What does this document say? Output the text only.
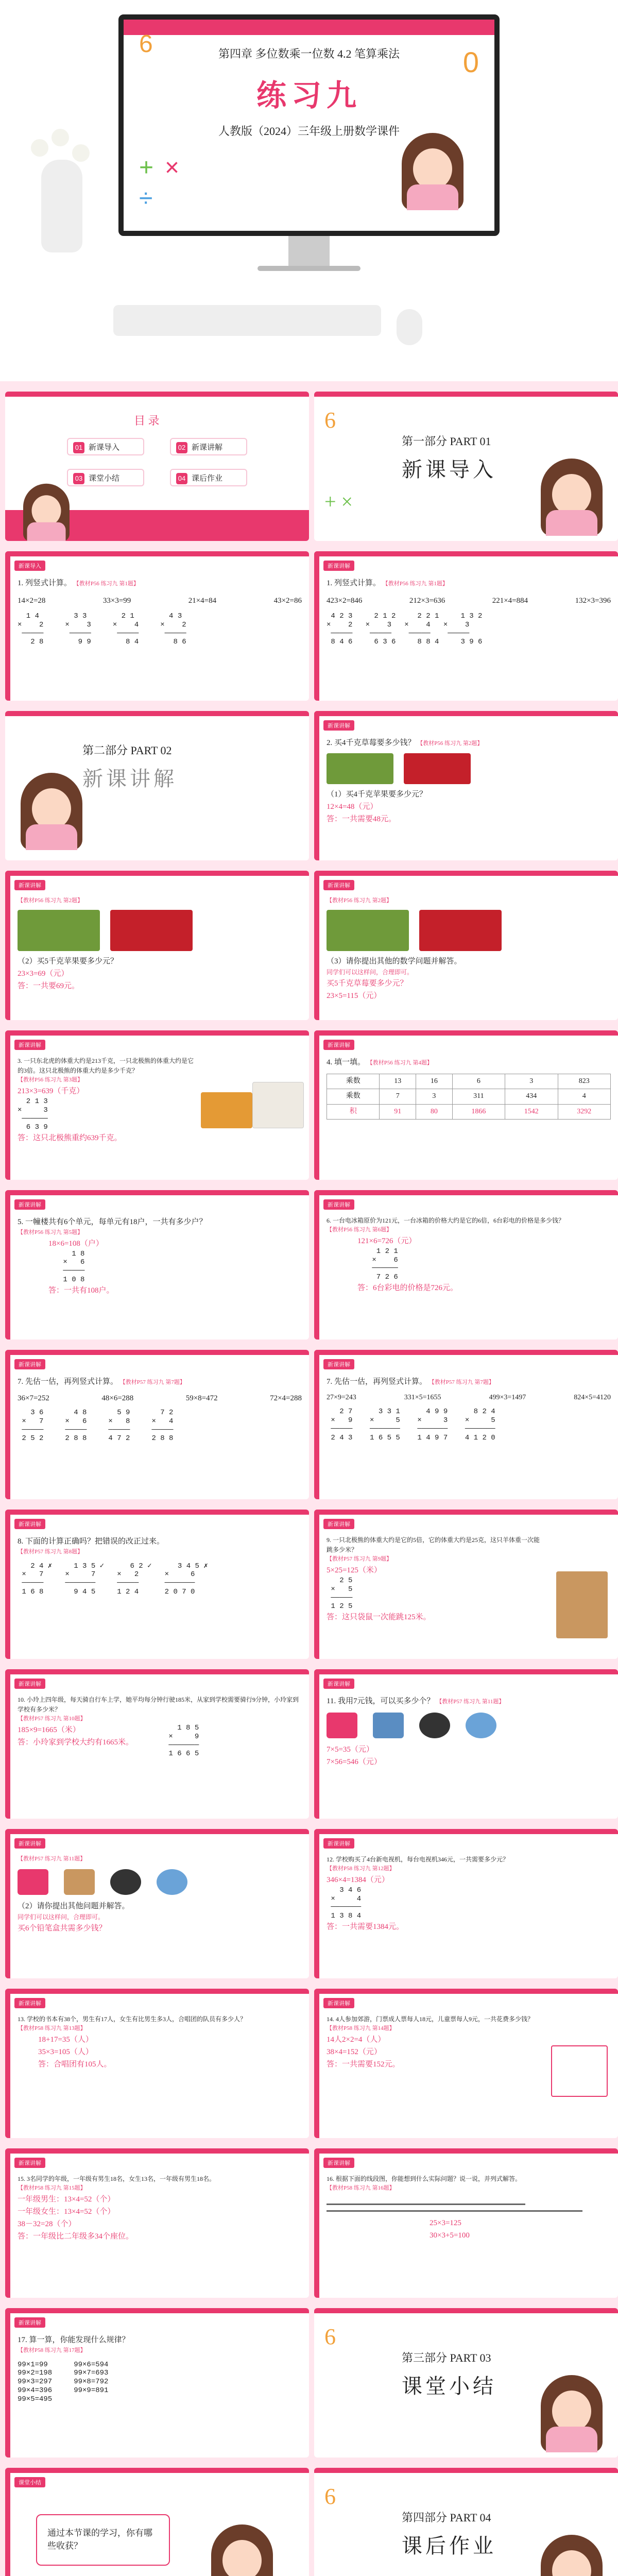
6
0
第四章 多位数乘一位数 4.2 笔算乘法
练习九
人教版（2024）三年级上册数学课件
+ ×
÷
目 录
01 新课导入	02 新课讲解
03 课堂小结	04 课后作业
6
第一部分 PART 01
新课导入
+ ×
新课导入
1. 列竖式计算。 【教材P56 练习九 第1题】
14×2=28	33×3=99	21×4=84	43×2=86
1 4        3 3        2 1        4 3
×    2     ×    3     ×    4     ×    2
─────      ─────      ─────      ─────
2 8        9 9        8 4        8 6
新课讲解
1. 列竖式计算。 【教材P56 练习九 第1题】
423×2=846	212×3=636	221×4=884	132×3=396
4 2 3     2 1 2     2 2 1     1 3 2
×    2   ×    3   ×    4   ×    3
─────    ─────    ─────    ─────
8 4 6     6 3 6     8 8 4     3 9 6
第二部分 PART 02
新课讲解
新课讲解
2. 买4千克草莓要多少钱？ 【教材P56 练习九 第2题】
（1）买4千克苹果要多少元？
12×4=48（元）
答：一共需要48元。
新课讲解
【教材P56 练习九 第2题】
（2）买5千克苹果要多少元？
23×3=69（元）
答：一共要69元。
新课讲解
【教材P56 练习九 第2题】
（3）请你提出其他的数学问题并解答。
同学们可以这样问，合理即可。
买5千克草莓要多少元？
23×5=115（元）
新课讲解
3. 一只东北虎的体重大约是213千克，一只北极熊的体重大约是它的3倍。这只北极熊的体重大约是多少千克？
【教材P56 练习九 第3题】
213×3=639（千克）
2 1 3
×     3
──────
6 3 9
答：这只北极熊重约639千克。
新课讲解
4. 填一填。 【教材P56 练习九 第4题】
乘数	13	16	6	3	823
乘数	7	3	311	434	4
积	91	80	1866	1542	3292
新课讲解
5. 一幢楼共有6个单元，每单元有18户，一共有多少户？
【教材P56 练习九 第5题】
18×6=108（户）
1 8
×   6
─────
1 0 8
答：一共有108户。
新课讲解
6. 一台电冰箱原价为121元，一台冰箱的价格大约是它的6倍，6台彩电的价格是多少钱？
【教材P56 练习九 第6题】
121×6=726（元）
1 2 1
×    6
──────
7 2 6
答：6台彩电的价格是726元。
新课讲解
7. 先估一估，再列竖式计算。 【教材P57 练习九 第7题】
36×7=252	48×6=288	59×8=472	72×4=288
3 6       4 8       5 9       7 2
×   7     ×   6     ×   8     ×   4
─────     ─────     ─────     ─────
2 5 2     2 8 8     4 7 2     2 8 8
新课讲解
7. 先估一估，再列竖式计算。 【教材P57 练习九 第7题】
27×9=243	331×5=1655	499×3=1497	824×5=4120
2 7      3 3 1      4 9 9      8 2 4
×   9    ×     5    ×     3    ×     5
─────    ───────    ───────    ───────
2 4 3    1 6 5 5    1 4 9 7    4 1 2 0
新课讲解
8. 下面的计算正确吗？把错误的改正过来。
【教材P57 练习九 第8题】
2 4 ✗     1 3 5 ✓      6 2 ✓      3 4 5 ✗
×   7     ×     7     ×   2      ×     6
─────     ───────     ─────      ───────
1 6 8       9 4 5     1 2 4      2 0 7 0
新课讲解
9. 一只北极熊的体重大约是它的5倍，它的体重大约是25克，这只羊体重一次能跳多少米？
【教材P57 练习九 第9题】
5×25=125（米）
2 5
×   5
─────
1 2 5
答：这只袋鼠一次能跳125米。
新课讲解
10. 小玲上四年级，每天骑自行车上学，她平均每分钟行驶185米，从家到学校需要骑行9分钟，小玲家到学校有多少米？
【教材P57 练习九 第10题】
185×9=1665（米）
答：小玲家到学校大约有1665米。
1 8 5
×     9
───────
1 6 6 5
新课讲解
11. 我用7元钱，可以买多少个？ 【教材P57 练习九 第11题】
7×5=35（元）
7×56=546（元）
新课讲解
【教材P57 练习九 第11题】
（2）请你提出其他问题并解答。
同学们可以这样问，合理即可。
买6个铅笔盒共需多少钱？
新课讲解
12. 学校购买了4台新电视机，每台电视机346元，一共需要多少元？
【教材P58 练习九 第12题】
346×4=1384（元）
3 4 6
×     4
───────
1 3 8 4
答：一共需要1384元。
新课讲解
13. 学校的书本有38个，男生有17人，女生有比男生多3人，合唱团的队员有多少人？
【教材P58 练习九 第13题】
18+17=35（人）
35×3=105（人）
答：合唱团有105人。
新课讲解
14. 4人参加郊游，门票成人票每人18元，儿童票每人9元，一共花费多少钱？
【教材P58 练习九 第14题】
14人2×2=4（人）
38×4=152（元）
答：一共需要152元。
新课讲解
15. 3名同学的年级，一年级有男生18名，女生13名，一年级有男生18名。
【教材P58 练习九 第15题】
一年级男生：13×4=52（个）
一年级女生：13×4=52（个）
38－32=28（个）
答：一年级比二年级多34个座位。
新课讲解
16. 根据下面的线段图，你能想到什么实际问题？说一说，并列式解答。
【教材P58 练习九 第16题】
25×3=125
30×3+5=100
新课讲解
17. 算一算，你能发现什么规律？
【教材P58 练习九 第17题】
99×1=99      99×6=594
99×2=198     99×7=693
99×3=297     99×8=792
99×4=396     99×9=891
99×5=495
6
第三部分 PART 03
课堂小结
课堂小结
通过本节课的学习，你有哪些收获？
6
第四部分 PART 04
课后作业
